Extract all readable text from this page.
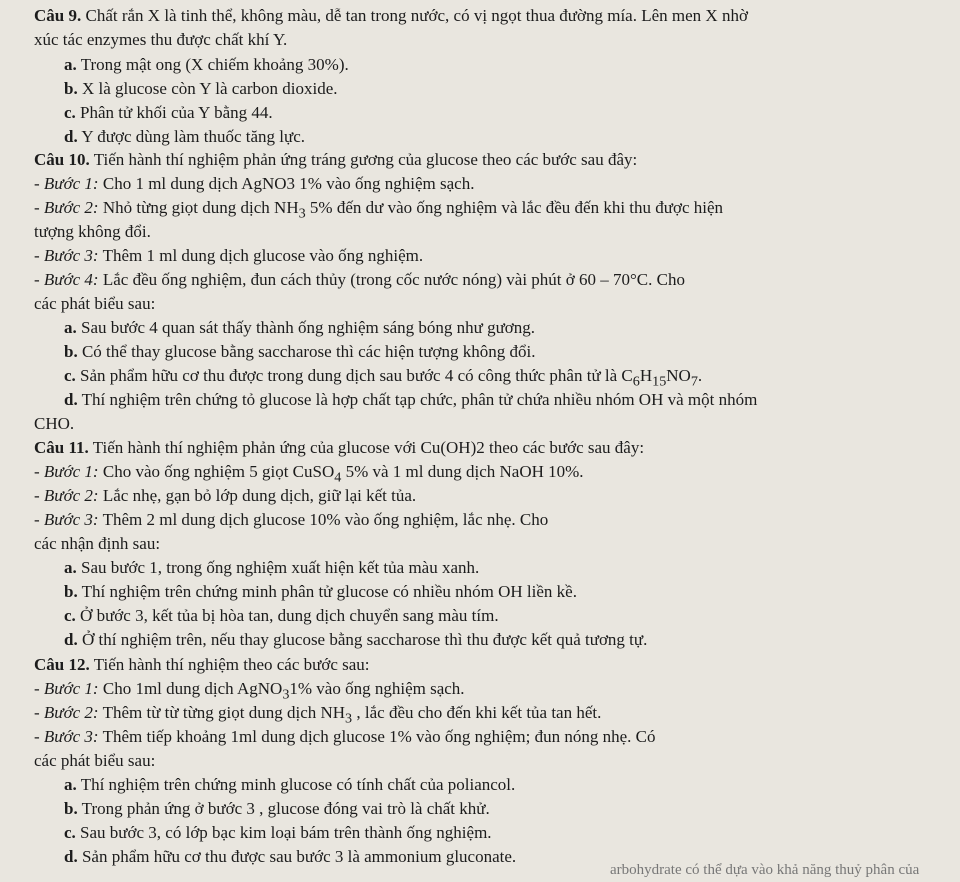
Câu 9. Chất rắn X là tinh thể, không màu, dễ tan trong nước, có vị ngọt thua đường mía. Lên men X nhờ
xúc tác enzymes thu được chất khí Y.
a. Trong mật ong (X chiếm khoảng 30%).
b. X là glucose còn Y là carbon dioxide.
c. Phân tử khối của Y bằng 44.
d. Y được dùng làm thuốc tăng lực.
Câu 10. Tiến hành thí nghiệm phản ứng tráng gương của glucose theo các bước sau đây:
- Bước 1: Cho 1 ml dung dịch AgNO3 1% vào ống nghiệm sạch.
- Bước 2: Nhỏ từng giọt dung dịch $NH_3$ 5% đến dư vào ống nghiệm và lắc đều đến khi thu được hiện
tượng không đổi.
- Bước 3: Thêm 1 ml dung dịch glucose vào ống nghiệm.
- Bước 4: Lắc đều ống nghiệm, đun cách thủy (trong cốc nước nóng) vài phút ở 60 – 70°C. Cho
các phát biểu sau:
a. Sau bước 4 quan sát thấy thành ống nghiệm sáng bóng như gương.
b. Có thể thay glucose bằng saccharose thì các hiện tượng không đổi.
c. Sản phẩm hữu cơ thu được trong dung dịch sau bước 4 có công thức phân tử là $C_6H_{15}NO_7$.
d. Thí nghiệm trên chứng tỏ glucose là hợp chất tạp chức, phân tử chứa nhiều nhóm OH và một nhóm
CHO.
Câu 11. Tiến hành thí nghiệm phản ứng của glucose với Cu(OH)2 theo các bước sau đây:
- Bước 1: Cho vào ống nghiệm 5 giọt CuSO$_4$ 5% và 1 ml dung dịch NaOH 10%.
- Bước 2: Lắc nhẹ, gạn bỏ lớp dung dịch, giữ lại kết tủa.
- Bước 3: Thêm 2 ml dung dịch glucose 10% vào ống nghiệm, lắc nhẹ. Cho
các nhận định sau:
a. Sau bước 1, trong ống nghiệm xuất hiện kết tủa màu xanh.
b. Thí nghiệm trên chứng minh phân tử glucose có nhiều nhóm OH liền kề.
c. Ở bước 3, kết tủa bị hòa tan, dung dịch chuyển sang màu tím.
d. Ở thí nghiệm trên, nếu thay glucose bằng saccharose thì thu được kết quả tương tự.
Câu 12. Tiến hành thí nghiệm theo các bước sau:
- Bước 1: Cho 1ml dung dịch AgNO$_3$1% vào ống nghiệm sạch.
- Bước 2: Thêm từ từ từng giọt dung dịch $NH_3$ , lắc đều cho đến khi kết tủa tan hết.
- Bước 3: Thêm tiếp khoảng 1ml dung dịch glucose 1% vào ống nghiệm; đun nóng nhẹ. Có
các phát biểu sau:
a. Thí nghiệm trên chứng minh glucose có tính chất của poliancol.
b. Trong phản ứng ở bước 3 , glucose đóng vai trò là chất khử.
c. Sau bước 3, có lớp bạc kim loại bám trên thành ống nghiệm.
d. Sản phẩm hữu cơ thu được sau bước 3 là ammonium gluconate.
arbohydrate có thể dựa vào khả năng thuỷ phân của
